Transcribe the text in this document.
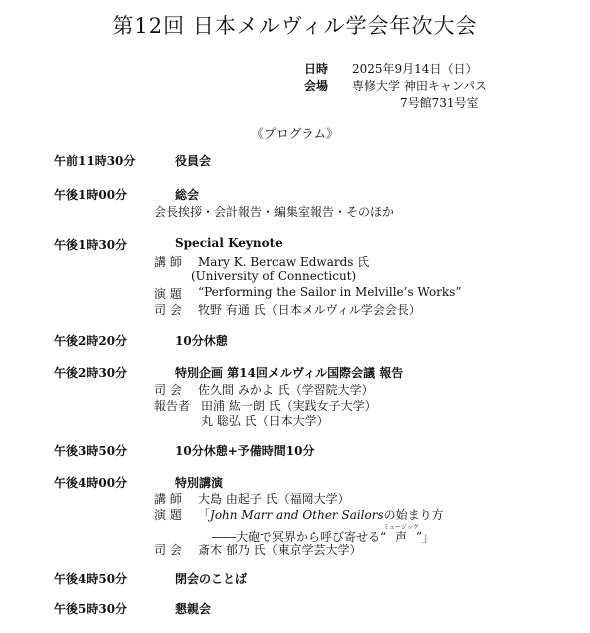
第12回 日本メルヴィル学会年次大会
日時 2025年9月14日（日）
会場 専修大学 神田キャンパス
7号館731号室
《プログラム》
午前11時30分	役員会
午後1時00分	総会
会長挨拶・会計報告・編集室報告・そのほか
午後1時30分	Special Keynote
講 師 Mary K. Bercaw Edwards 氏
(University of Connecticut)
演 題 “Performing the Sailor in Melville’s Works”
司 会 牧野 有通 氏（日本メルヴィル学会会長）
午後2時20分	10分休憩
午後2時30分	特別企画 第14回メルヴィル国際会議 報告
司 会 佐久間 みかよ 氏（学習院大学）
報告者 田浦 紘一朗 氏（実践女子大学）
丸 聡弘 氏（日本大学）
午後3時50分	10分休憩+予備時間10分
午後4時00分	特別講演
講 師 大島 由起子 氏（福岡大学）
演 題 「John Marr and Other Sailorsの始まり方
――大砲で冥界から呼び寄せる“声ミュージック”」
司 会 斎木 郁乃 氏（東京学芸大学）
午後4時50分	閉会のことば
午後5時30分	懇親会
